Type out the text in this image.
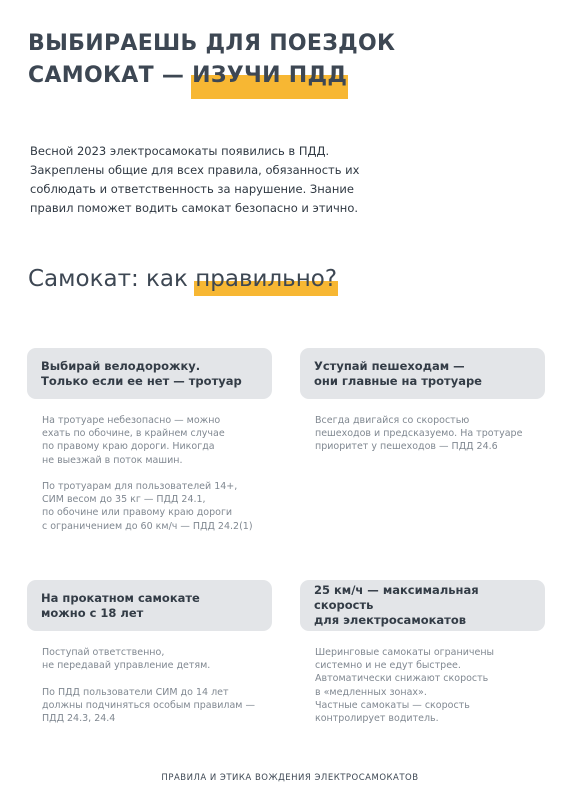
ВЫБИРАЕШЬ ДЛЯ ПОЕЗДОК
САМОКАТ — ИЗУЧИ ПДД

Весной 2023 электросамокаты появились в ПДД. Закреплены общие для всех правила, обязанность их соблюдать и ответственность за нарушение. Знание правил поможет водить самокат безопасно и этично.

Самокат: как правильно?
Выбирай велодорожку.
Только если ее нет — тротуар

На тротуаре небезопасно — можно
ехать по обочине, в крайнем случае
по правому краю дороги. Никогда
не выезжай в поток машин.

По тротуарам для пользователей 14+,
СИМ весом до 35 кг — ПДД 24.1,
по обочине или правому краю дороги
с ограничением до 60 км/ч — ПДД 24.2(1)

Уступай пешеходам —
они главные на тротуаре

Всегда двигайся со скоростью
пешеходов и предсказуемо. На тротуаре
приоритет у пешеходов — ПДД 24.6

На прокатном самокате
можно с 18 лет

Поступай ответственно,
не передавай управление детям.

По ПДД пользователи СИМ до 14 лет
должны подчиняться особым правилам —
ПДД 24.3, 24.4

25 км/ч — максимальная скорость
для электросамокатов

Шеринговые самокаты ограничены
системно и не едут быстрее.
Автоматически снижают скорость
в «медленных зонах».
Частные самокаты — скорость
контролирует водитель.

ПРАВИЛА И ЭТИКА ВОЖДЕНИЯ ЭЛЕКТРОСАМОКАТОВ
